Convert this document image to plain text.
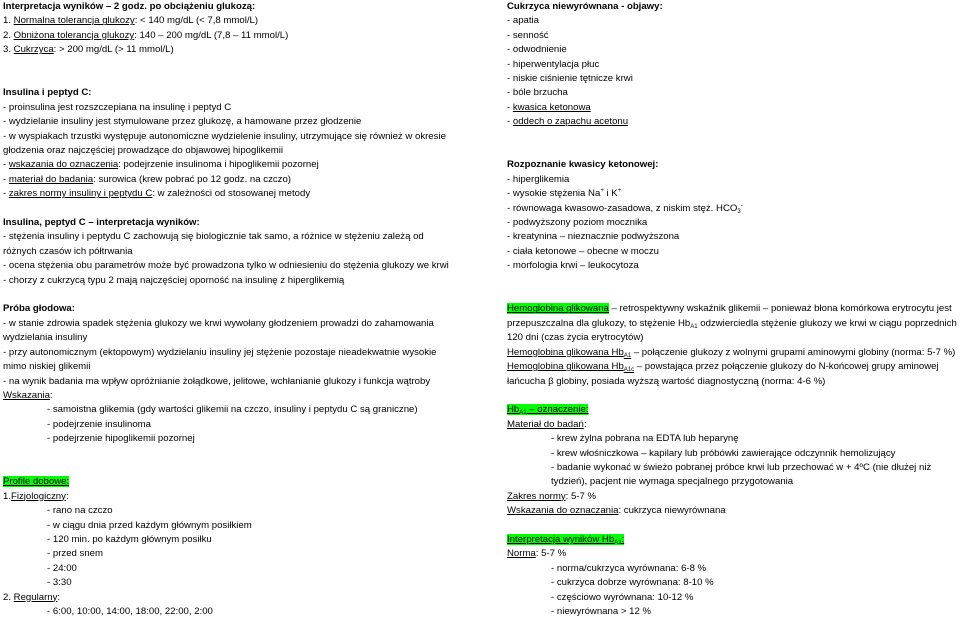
Interpretacja wyników – 2 godz. po obciążeniu glukozą:
1. Normalna tolerancja glukozy: < 140 mg/dL (< 7,8 mmol/L)
2. Obniżona tolerancja glukozy: 140 – 200 mg/dL (7,8 – 11 mmol/L)
3. Cukrzyca: > 200 mg/dL (> 11 mmol/L)
Insulina i peptyd C:
- proinsulina jest rozszczepiana na insulinę i peptyd C
- wydzielanie insuliny jest stymulowane przez glukozę, a hamowane przez głodzenie
- w wyspiakach trzustki występuje autonomiczne wydzielenie insuliny, utrzymujące się również w okresie głodzenia oraz najczęściej prowadzące do objawowej hipoglikemii
- wskazania do oznaczenia: podejrzenie insulinoma i hipoglikemii pozornej
- materiał do badania: surowica (krew pobrać po 12 godz. na czczo)
- zakres normy insuliny i peptydu C: w zależności od stosowanej metody
Insulina, peptyd C – interpretacja wyników:
- stężenia insuliny i peptydu C zachowują się biologicznie tak samo, a różnice w stężeniu zależą od różnych czasów ich półtrwania
- ocena stężenia obu parametrów może być prowadzona tylko w odniesieniu do stężenia glukozy we krwi
- chorzy z cukrzycą typu 2 mają najczęściej oporność na insulinę z hiperglikemią
Próba głodowa:
- w stanie zdrowia spadek stężenia glukozy we krwi wywołany głodzeniem prowadzi do zahamowania wydzielania insuliny
- przy autonomicznym (ektopowym) wydzielaniu insuliny jej stężenie pozostaje nieadekwatnie wysokie mimo niskiej glikemii
- na wynik badania ma wpływ opróżnianie żołądkowe, jelitowe, wchłanianie glukozy i funkcja wątroby
Wskazania:
- samoistna glikemia (gdy wartości glikemii na czczo, insuliny i peptydu C są graniczne)
- podejrzenie insulinoma
- podejrzenie hipoglikemii pozornej
Profile dobowe:
1.Fizjologiczny:
- rano na czczo
- w ciągu dnia przed każdym głównym posiłkiem
- 120 min. po każdym głównym posiłku
- przed snem
- 24:00
- 3:30
2. Regularny:
- 6:00, 10:00, 14:00, 18:00, 22:00, 2:00
Cukrzyca niewyrównana - objawy:
- apatia
- senność
- odwodnienie
- hiperwentylacja płuc
- niskie ciśnienie tętnicze krwi
- bóle brzucha
- kwasica ketonowa
- oddech o zapachu acetonu
Rozpoznanie kwasicy ketonowej:
- hiperglikemia
- wysokie stężenia Na+ i K+
- równowaga kwasowo-zasadowa, z niskim stęż. $HCO_3^-$
- podwyższony poziom mocznika
- kreatynina – nieznacznie podwyższona
- ciała ketonowe – obecne w moczu
- morfologia krwi – leukocytoza
Hemoglobina glikowana – retrospektywny wskaźnik glikemii – ponieważ błona komórkowa erytrocytu jest przepuszczalna dla glukozy, to stężenie $Hb_{A1}$ odzwierciedla stężenie glukozy we krwi w ciągu poprzednich 120 dni (czas życia erytrocytów)
Hemoglobina glikowana $Hb_{A1}$ – połączenie glukozy z wolnymi grupami aminowymi globiny (norma: 5-7 %)
Hemoglobina glikowana $Hb_{A1c}$ – powstająca przez połączenie glukozy do N-końcowej grupy aminowej łańcucha β globiny, posiada wyższą wartość diagnostyczną (norma: 4-6 %)
$Hb_{A1}$ – oznaczenie:
Materiał do badań:
- krew żylna pobrana na EDTA lub heparynę
- krew włośniczkowa – kapilary lub próbówki zawierające odczynnik hemolizujący
- badanie wykonać w świeżo pobranej próbce krwi lub przechować w + 4ºC (nie dłużej niż tydzień), pacjent nie wymaga specjalnego przygotowania
Zakres normy: 5-7 %
Wskazania do oznaczania: cukrzyca niewyrównana
Interpretacja wyników $Hb_{A1}$:
Norma: 5-7 %
- norma/cukrzyca wyrównana: 6-8 %
- cukrzyca dobrze wyrównana: 8-10 %
- częściowo wyrównana: 10-12 %
- niewyrównana > 12 %
